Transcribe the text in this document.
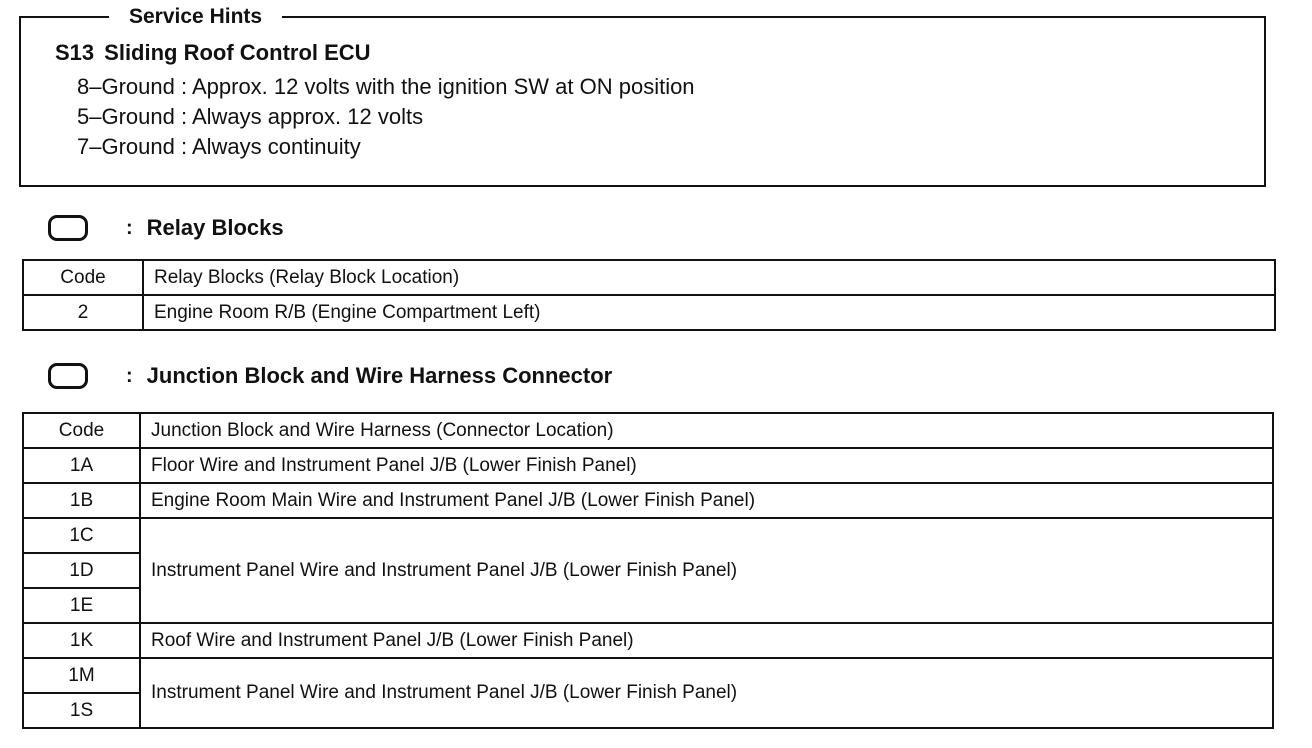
Service Hints
S13 Sliding Roof Control ECU
8–Ground : Approx. 12 volts with the ignition SW at ON position
5–Ground : Always approx. 12 volts
7–Ground : Always continuity
: Relay Blocks
Code	Relay Blocks (Relay Block Location)
2	Engine Room R/B (Engine Compartment Left)
: Junction Block and Wire Harness Connector
Code	Junction Block and Wire Harness (Connector Location)
1A	Floor Wire and Instrument Panel J/B (Lower Finish Panel)
1B	Engine Room Main Wire and Instrument Panel J/B (Lower Finish Panel)
1C	Instrument Panel Wire and Instrument Panel J/B (Lower Finish Panel)
1D	
1E	
1K	Roof Wire and Instrument Panel J/B (Lower Finish Panel)
1M	Instrument Panel Wire and Instrument Panel J/B (Lower Finish Panel)
1S	
